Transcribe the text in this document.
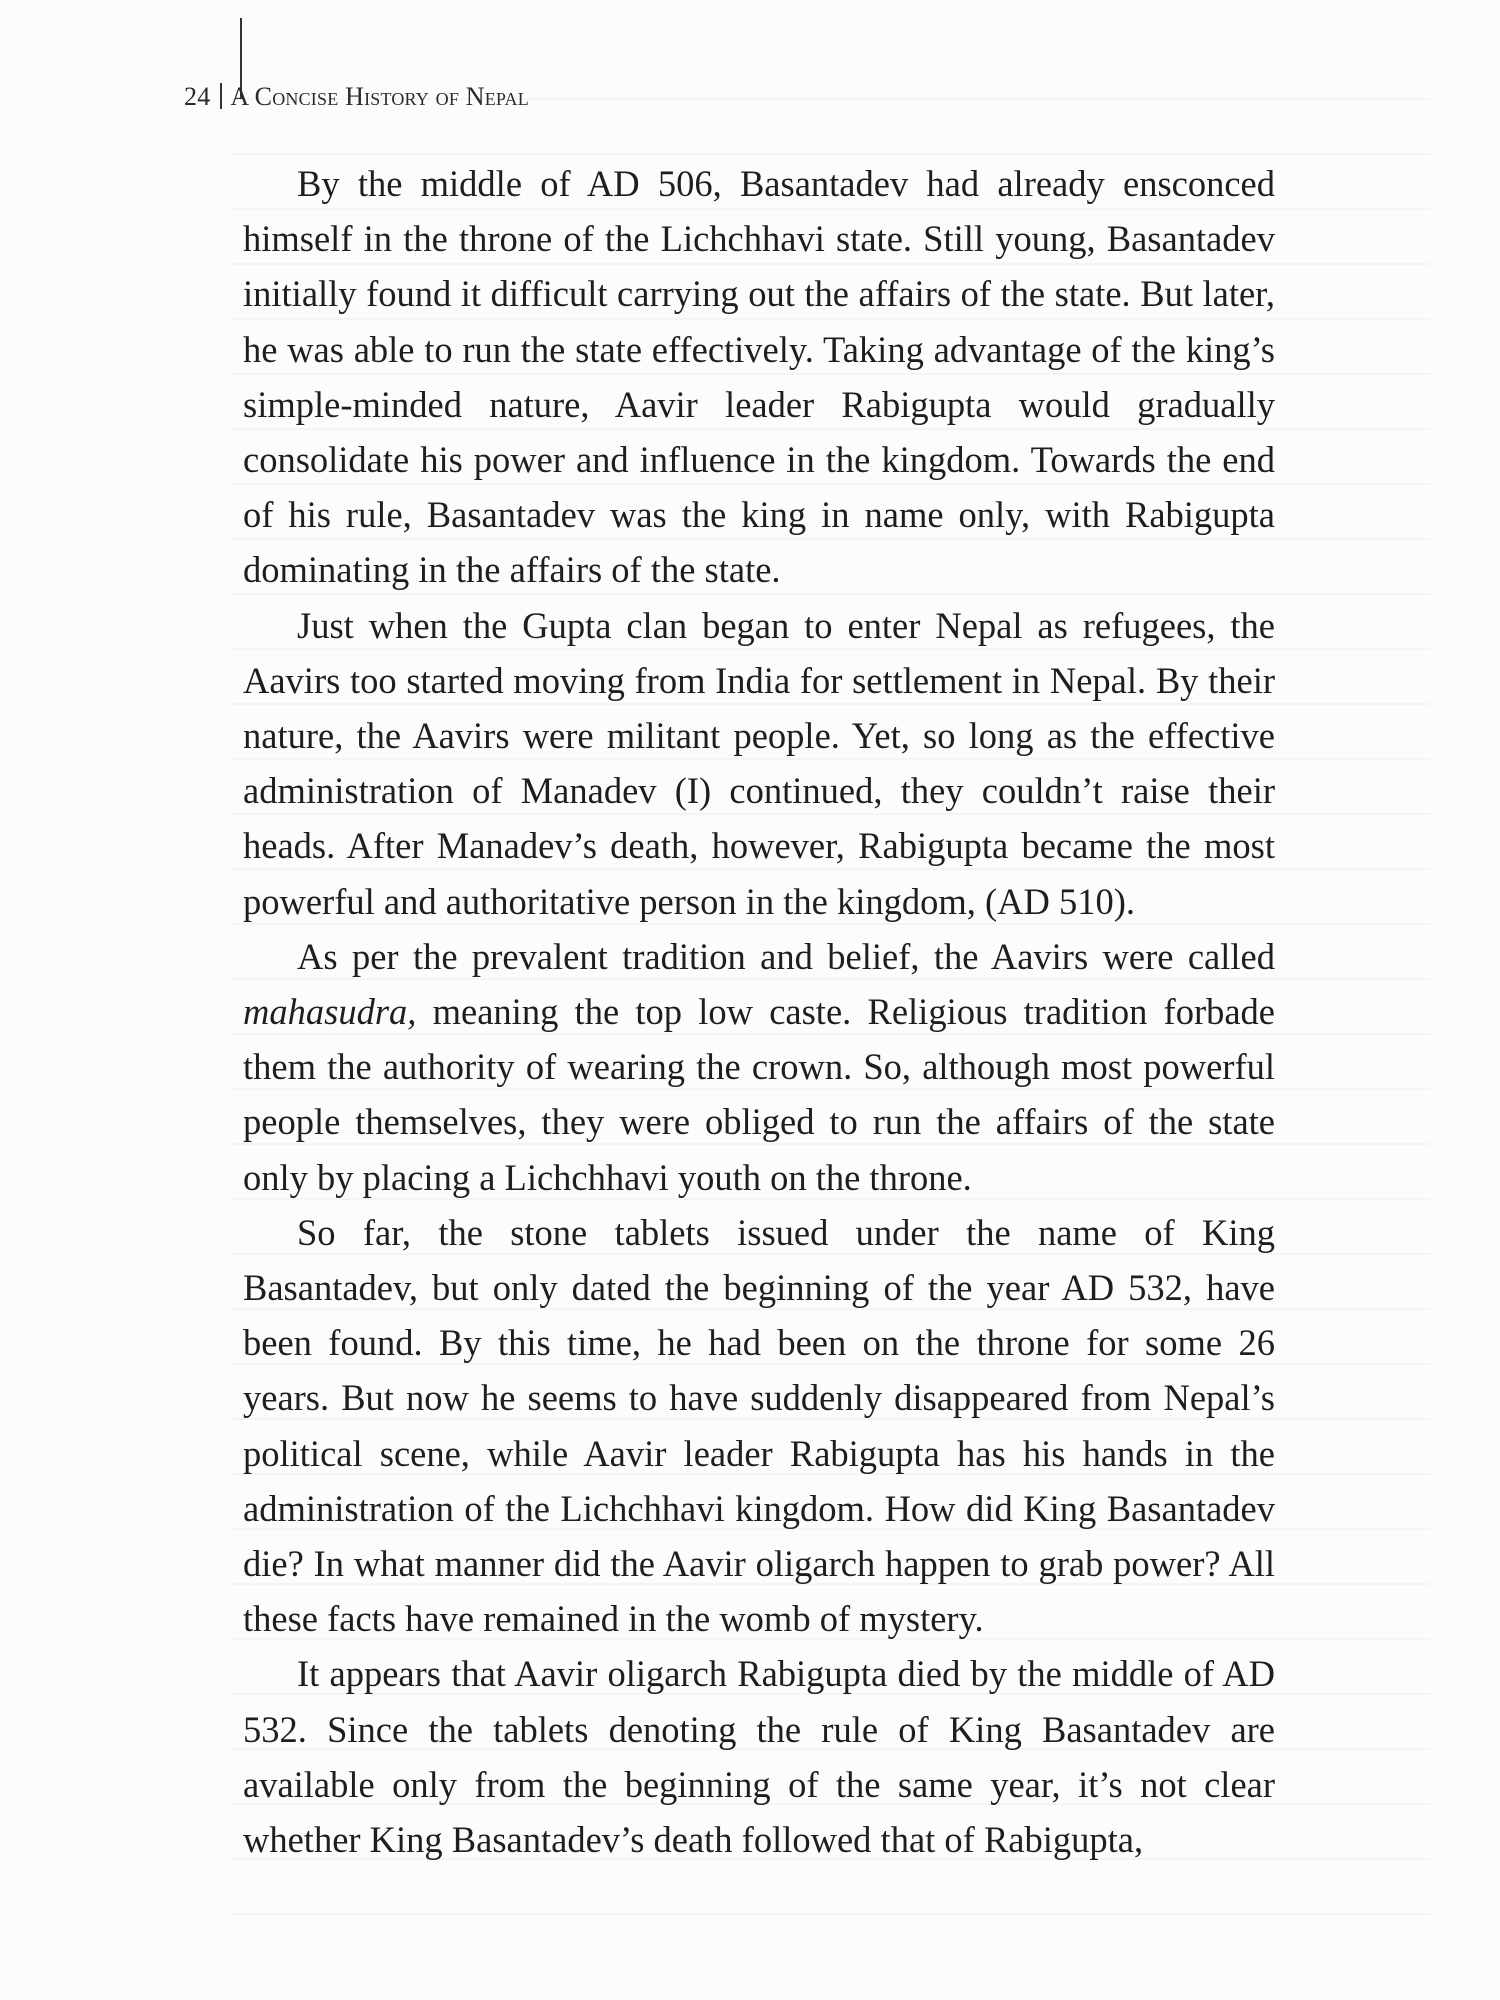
24 A Concise History of Nepal

By the middle of AD 506, Basantadev had already ensconced himself in the throne of the Lichchhavi state. Still young, Basantadev initially found it difficult carrying out the affairs of the state. But later, he was able to run the state effectively. Taking advantage of the king’s simple-minded nature, Aavir leader Rabigupta would gradually consolidate his power and influence in the kingdom. Towards the end of his rule, Basantadev was the king in name only, with Rabigupta dominating in the affairs of the state.

Just when the Gupta clan began to enter Nepal as refugees, the Aavirs too started moving from India for settlement in Nepal. By their nature, the Aavirs were militant people. Yet, so long as the effective administration of Manadev (I) continued, they couldn’t raise their heads. After Manadev’s death, however, Rabigupta became the most powerful and authoritative person in the kingdom, (AD 510).

As per the prevalent tradition and belief, the Aavirs were called mahasudra, meaning the top low caste. Religious tradition forbade them the authority of wearing the crown. So, although most powerful people themselves, they were obliged to run the affairs of the state only by placing a Lichchhavi youth on the throne.

So far, the stone tablets issued under the name of King Basantadev, but only dated the beginning of the year AD 532, have been found. By this time, he had been on the throne for some 26 years. But now he seems to have suddenly disappeared from Nepal’s political scene, while Aavir leader Rabigupta has his hands in the administration of the Lichchhavi kingdom. How did King Basantadev die? In what manner did the Aavir oligarch happen to grab power? All these facts have remained in the womb of mystery.

It appears that Aavir oligarch Rabigupta died by the middle of AD 532. Since the tablets denoting the rule of King Basantadev are available only from the beginning of the same year, it’s not clear whether King Basantadev’s death followed that of Rabigupta,
